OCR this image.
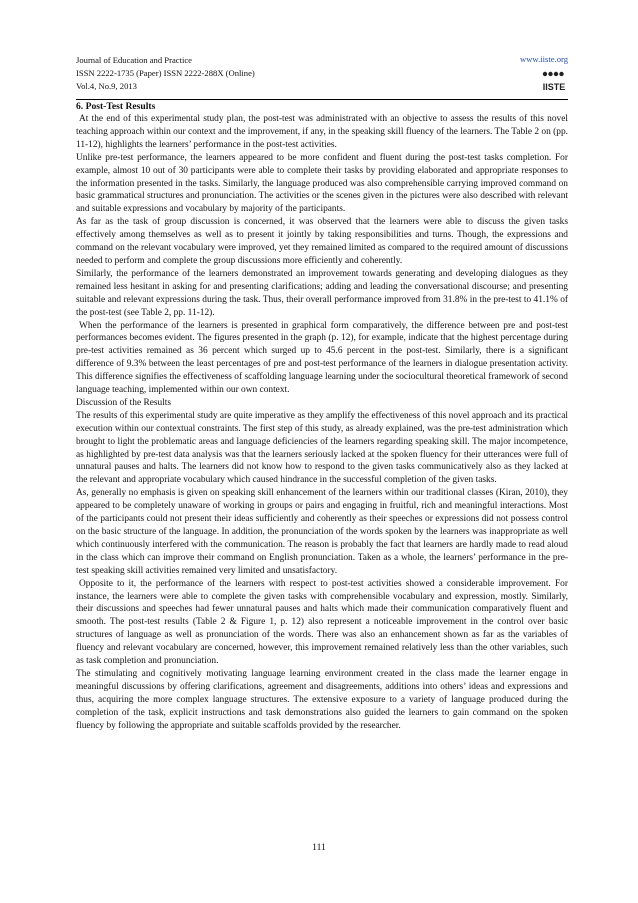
Journal of Education and Practice
ISSN 2222-1735 (Paper) ISSN 2222-288X (Online)
Vol.4, No.9, 2013
www.iiste.org
IISTE
6. Post-Test Results

At the end of this experimental study plan, the post-test was administrated with an objective to assess the results of this novel teaching approach within our context and the improvement, if any, in the speaking skill fluency of the learners. The Table 2 on (pp. 11-12), highlights the learners’ performance in the post-test activities.

Unlike pre-test performance, the learners appeared to be more confident and fluent during the post-test tasks completion. For example, almost 10 out of 30 participants were able to complete their tasks by providing elaborated and appropriate responses to the information presented in the tasks. Similarly, the language produced was also comprehensible carrying improved command on basic grammatical structures and pronunciation. The activities or the scenes given in the pictures were also described with relevant and suitable expressions and vocabulary by majority of the participants.

As far as the task of group discussion is concerned, it was observed that the learners were able to discuss the given tasks effectively among themselves as well as to present it jointly by taking responsibilities and turns. Though, the expressions and command on the relevant vocabulary were improved, yet they remained limited as compared to the required amount of discussions needed to perform and complete the group discussions more efficiently and coherently.

Similarly, the performance of the learners demonstrated an improvement towards generating and developing dialogues as they remained less hesitant in asking for and presenting clarifications; adding and leading the conversational discourse; and presenting suitable and relevant expressions during the task. Thus, their overall performance improved from 31.8% in the pre-test to 41.1% of the post-test (see Table 2, pp. 11-12).

When the performance of the learners is presented in graphical form comparatively, the difference between pre and post-test performances becomes evident. The figures presented in the graph (p. 12), for example, indicate that the highest percentage during pre-test activities remained as 36 percent which surged up to 45.6 percent in the post-test. Similarly, there is a significant difference of 9.3% between the least percentages of pre and post-test performance of the learners in dialogue presentation activity. This difference signifies the effectiveness of scaffolding language learning under the sociocultural theoretical framework of second language teaching, implemented within our own context.

Discussion of the Results

The results of this experimental study are quite imperative as they amplify the effectiveness of this novel approach and its practical execution within our contextual constraints. The first step of this study, as already explained, was the pre-test administration which brought to light the problematic areas and language deficiencies of the learners regarding speaking skill. The major incompetence, as highlighted by pre-test data analysis was that the learners seriously lacked at the spoken fluency for their utterances were full of unnatural pauses and halts. The learners did not know how to respond to the given tasks communicatively also as they lacked at the relevant and appropriate vocabulary which caused hindrance in the successful completion of the given tasks.

As, generally no emphasis is given on speaking skill enhancement of the learners within our traditional classes (Kiran, 2010), they appeared to be completely unaware of working in groups or pairs and engaging in fruitful, rich and meaningful interactions. Most of the participants could not present their ideas sufficiently and coherently as their speeches or expressions did not possess control on the basic structure of the language. In addition, the pronunciation of the words spoken by the learners was inappropriate as well which continuously interfered with the communication. The reason is probably the fact that learners are hardly made to read aloud in the class which can improve their command on English pronunciation. Taken as a whole, the learners’ performance in the pre-test speaking skill activities remained very limited and unsatisfactory.

Opposite to it, the performance of the learners with respect to post-test activities showed a considerable improvement. For instance, the learners were able to complete the given tasks with comprehensible vocabulary and expression, mostly. Similarly, their discussions and speeches had fewer unnatural pauses and halts which made their communication comparatively fluent and smooth. The post-test results (Table 2 & Figure 1, p. 12) also represent a noticeable improvement in the control over basic structures of language as well as pronunciation of the words. There was also an enhancement shown as far as the variables of fluency and relevant vocabulary are concerned, however, this improvement remained relatively less than the other variables, such as task completion and pronunciation.

The stimulating and cognitively motivating language learning environment created in the class made the learner engage in meaningful discussions by offering clarifications, agreement and disagreements, additions into others’ ideas and expressions and thus, acquiring the more complex language structures. The extensive exposure to a variety of language produced during the completion of the task, explicit instructions and task demonstrations also guided the learners to gain command on the spoken fluency by following the appropriate and suitable scaffolds provided by the researcher.

111
